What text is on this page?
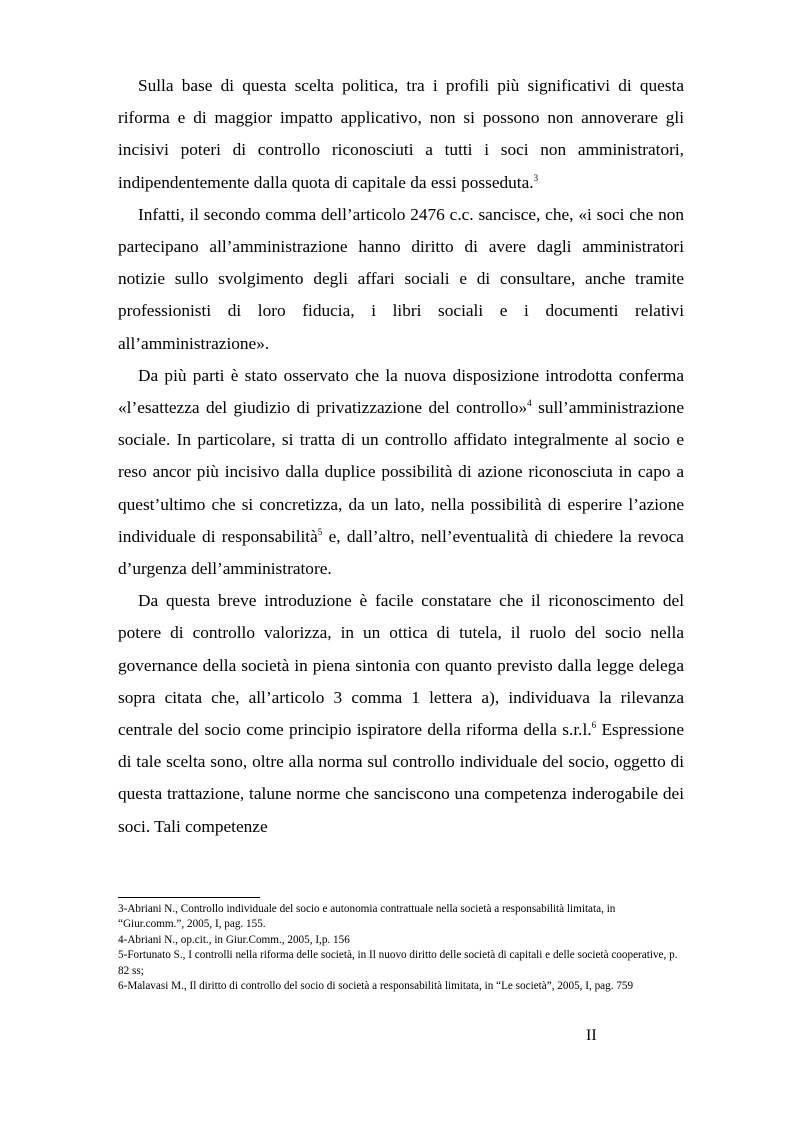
Sulla base di questa scelta politica, tra i profili più significativi di questa riforma e di maggior impatto applicativo, non si possono non annoverare gli incisivi poteri di controllo riconosciuti a tutti i soci non amministratori, indipendentemente dalla quota di capitale da essi posseduta.$^3$

Infatti, il secondo comma dell’articolo 2476 c.c. sancisce, che, «i soci che non partecipano all’amministrazione hanno diritto di avere dagli amministratori notizie sullo svolgimento degli affari sociali e di consultare, anche tramite professionisti di loro fiducia, i libri sociali e i documenti relativi all’amministrazione».

Da più parti è stato osservato che la nuova disposizione introdotta conferma «l’esattezza del giudizio di privatizzazione del controllo»$^4$ sull’amministrazione sociale. In particolare, si tratta di un controllo affidato integralmente al socio e reso ancor più incisivo dalla duplice possibilità di azione riconosciuta in capo a quest’ultimo che si concretizza, da un lato, nella possibilità di esperire l’azione individuale di responsabilità$^5$ e, dall’altro, nell’eventualità di chiedere la revoca d’urgenza dell’amministratore.

Da questa breve introduzione è facile constatare che il riconoscimento del potere di controllo valorizza, in un ottica di tutela, il ruolo del socio nella governance della società in piena sintonia con quanto previsto dalla legge delega sopra citata che, all’articolo 3 comma 1 lettera a), individuava la rilevanza centrale del socio come principio ispiratore della riforma della s.r.l.$^6$ Espressione di tale scelta sono, oltre alla norma sul controllo individuale del socio, oggetto di questa trattazione, talune norme che sanciscono una competenza inderogabile dei soci. Tali competenze

3-Abriani N., Controllo individuale del socio e autonomia contrattuale nella società a responsabilità limitata, in “Giur.comm.”, 2005, I, pag. 155.

4-Abriani N., op.cit., in Giur.Comm., 2005, I,p. 156

5-Fortunato S., I controlli nella riforma delle società, in Il nuovo diritto delle società di capitali e delle società cooperative, p. 82 ss;

6-Malavasi M., Il diritto di controllo del socio di società a responsabilità limitata, in “Le società”, 2005, I, pag. 759

II
